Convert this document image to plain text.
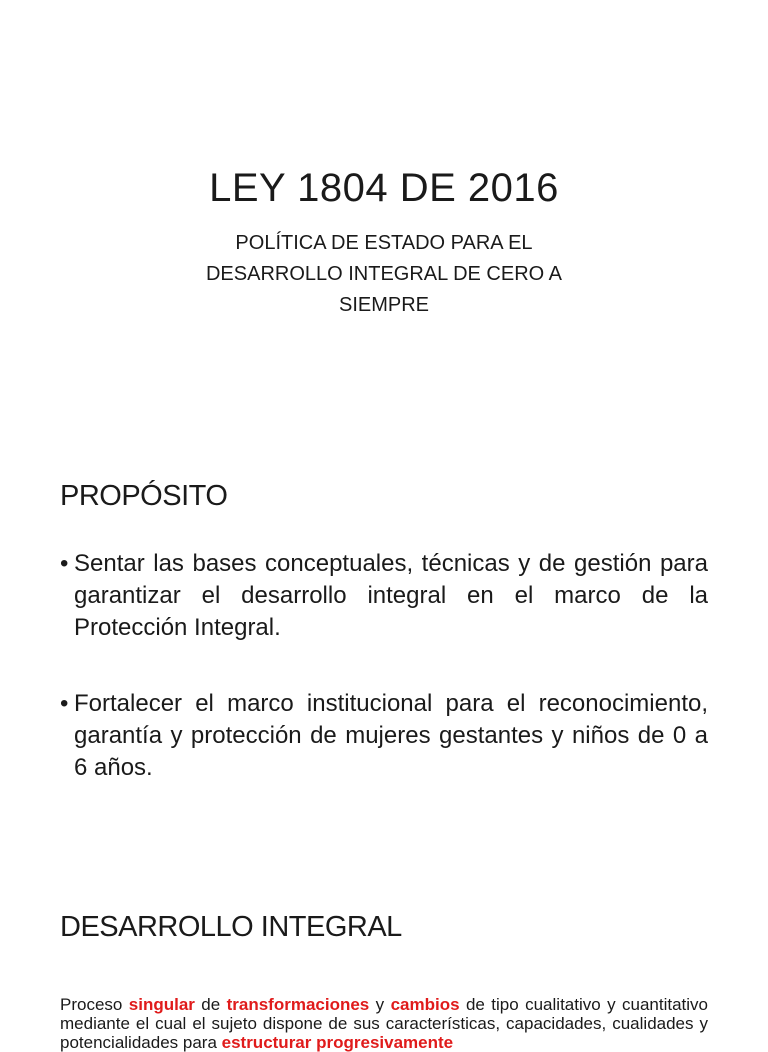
LEY 1804 DE 2016
POLÍTICA DE ESTADO PARA EL DESARROLLO INTEGRAL DE CERO A SIEMPRE
PROPÓSITO
• Sentar las bases conceptuales, técnicas y de gestión para garantizar el desarrollo integral en el marco de la Protección Integral.
• Fortalecer el marco institucional para el reconocimiento, garantía y protección de mujeres gestantes y niños de 0 a 6 años.
DESARROLLO INTEGRAL

Proceso singular de transformaciones y cambios de tipo cualitativo y cuantitativo mediante el cual el sujeto dispone de sus características, capacidades, cualidades y potencialidades para estructurar progresivamente
